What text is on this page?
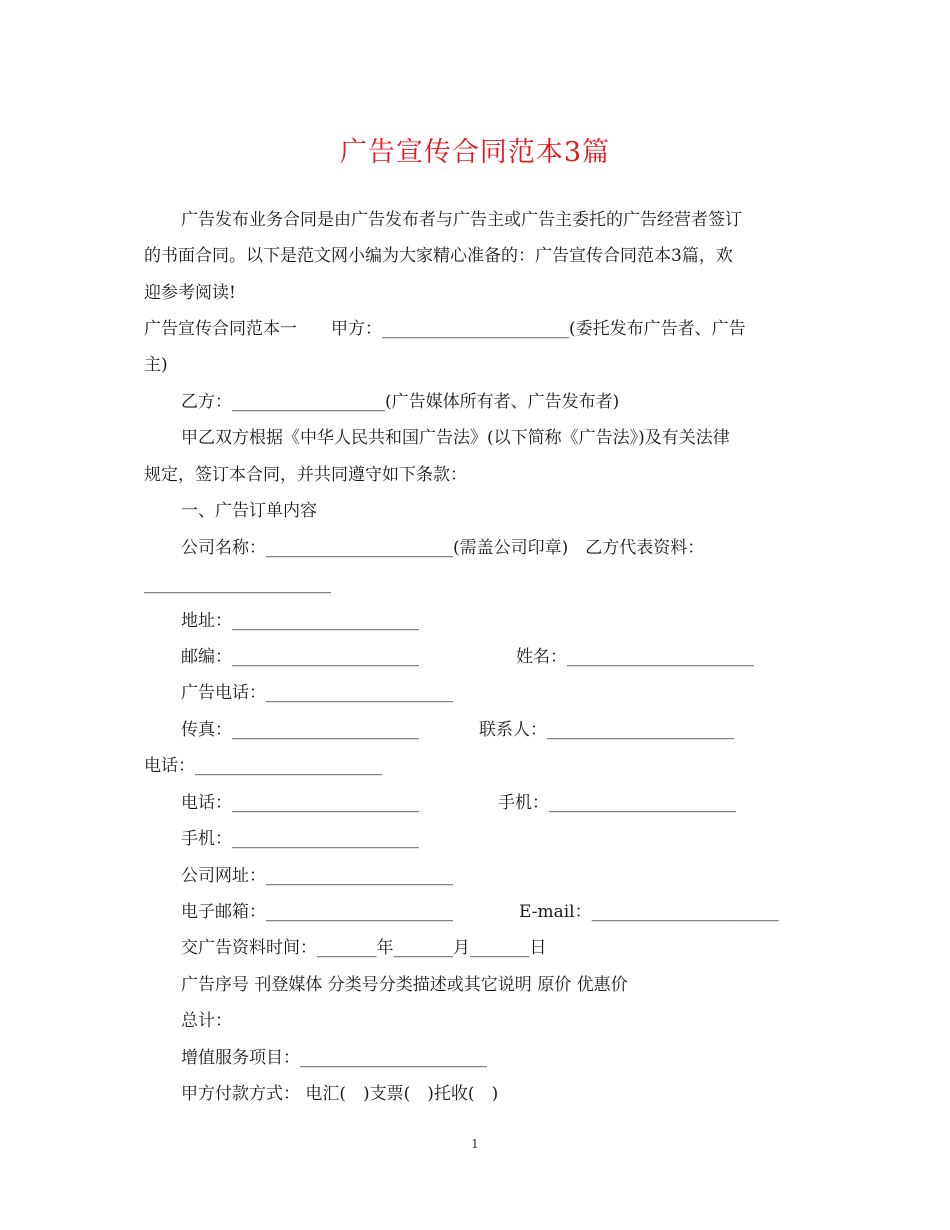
广告宣传合同范本3篇
广告发布业务合同是由广告发布者与广告主或广告主委托的广告经营者签订
的书面合同。以下是范文网小编为大家精心准备的：广告宣传合同范本3篇，欢
迎参考阅读!
广告宣传合同范本一　　甲方：______________________(委托发布广告者、广告
主)
乙方：__________________(广告媒体所有者、广告发布者)
甲乙双方根据《中华人民共和国广告法》(以下简称《广告法》)及有关法律
规定，签订本合同，并共同遵守如下条款：
一、广告订单内容
公司名称：______________________(需盖公司印章)　乙方代表资料：
______________________
地址：______________________
邮编：______________________	姓名：______________________
广告电话：______________________
传真：______________________	联系人：______________________
电话：______________________
电话：______________________	手机：______________________
手机：______________________
公司网址：______________________
电子邮箱：______________________	E-mail：______________________
交广告资料时间：_______年_______月_______日
广告序号 刊登媒体 分类号分类描述或其它说明 原价 优惠价
总计：
增值服务项目：______________________
甲方付款方式： 电汇(　)支票(　)托收(　)
1
